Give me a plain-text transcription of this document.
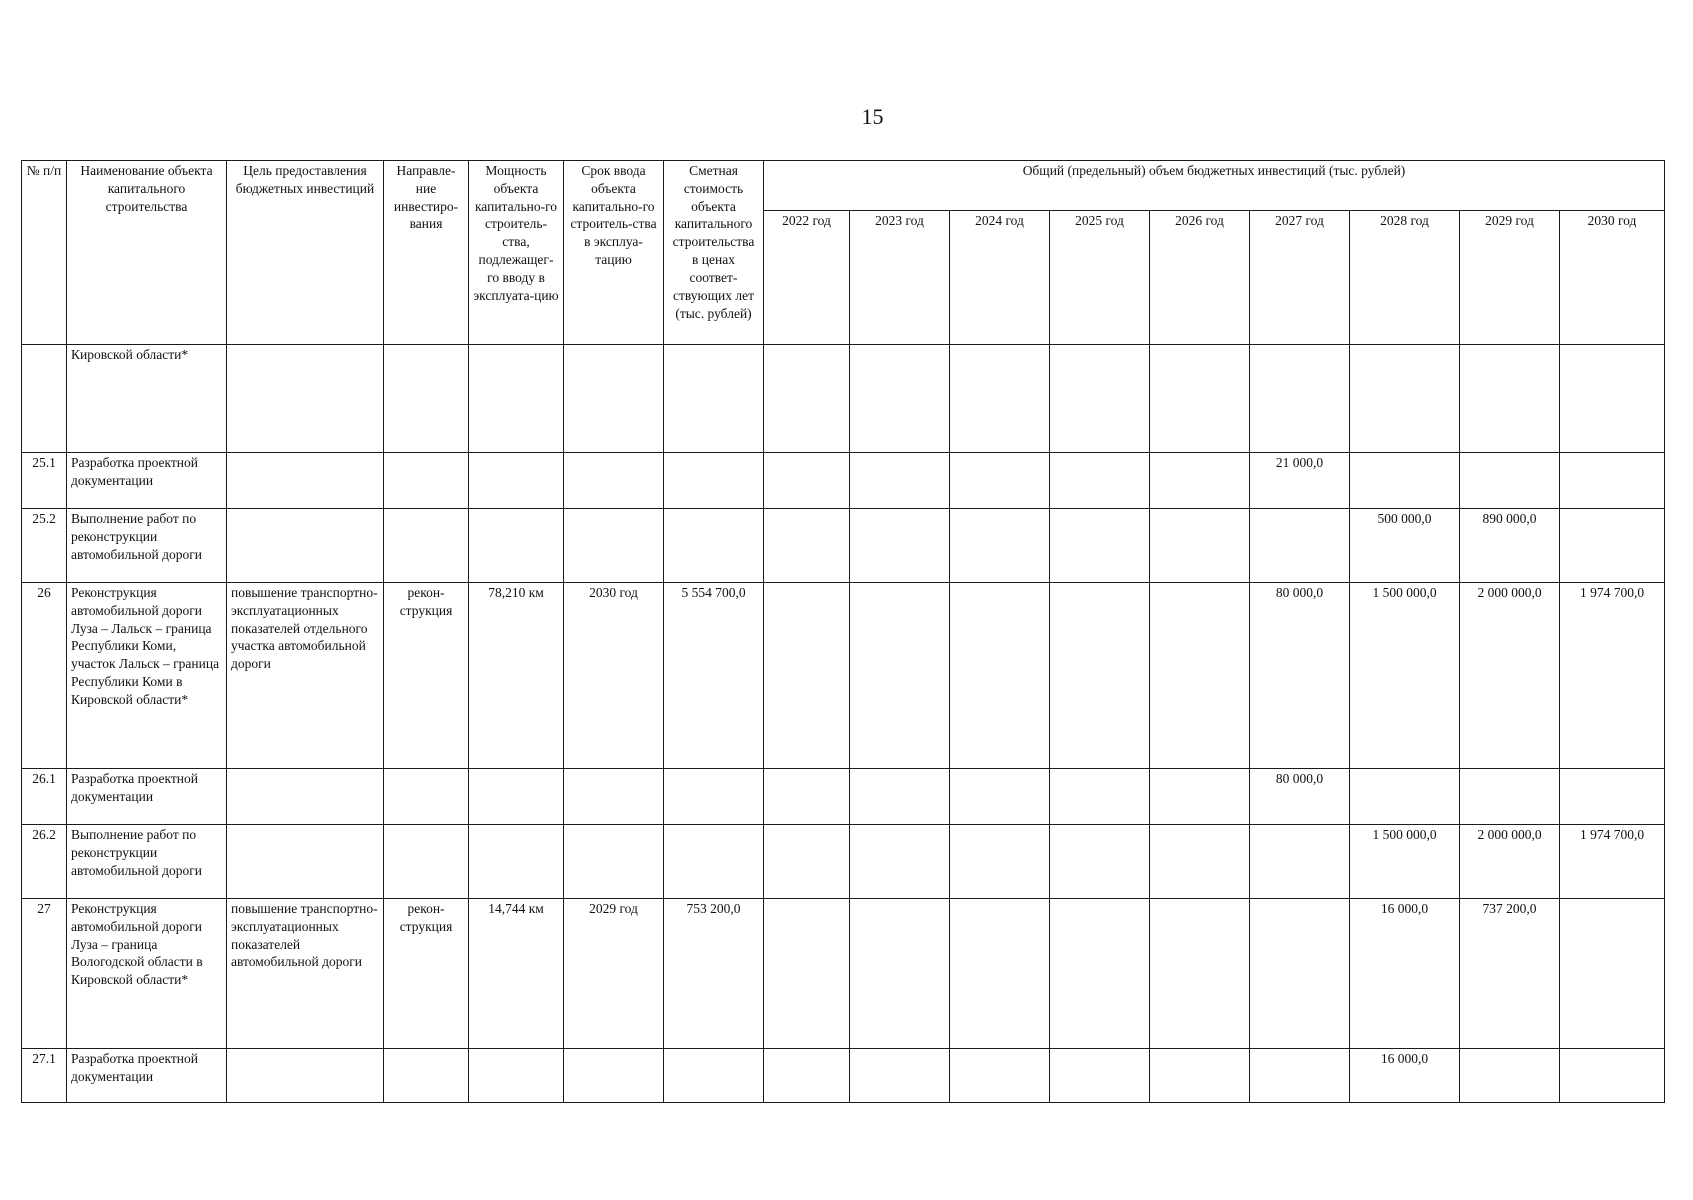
15
№ п/п	Наименование объекта капитального строительства	Цель предоставления бюджетных инвестиций	Направле-ние инвестиро-вания	Мощность объекта капитально-го строитель-ства, подлежащег-го вводу в эксплуата-цию	Срок ввода объекта капитально-го строитель-ства в эксплуа-тацию	Сметная стоимость объекта капитального строительства в ценах соответ-ствующих лет (тыс. рублей)	Общий (предельный) объем бюджетных инвестиций (тыс. рублей)								
							2022 год	2023 год	2024 год	2025 год	2026 год	2027 год	2028 год	2029 год	2030 год
	Кировской области*														
25.1	Разработка проектной документации											21 000,0			
25.2	Выполнение работ по реконструкции автомобильной дороги												500 000,0	890 000,0	
26	Реконструкция автомобильной дороги Луза – Лальск – граница Республики Коми, участок Лальск – граница Республики Коми в Кировской области*	повышение транспортно-эксплуатационных показателей отдельного участка автомобильной дороги	рекон-струкция	78,210 км	2030 год	5 554 700,0						80 000,0	1 500 000,0	2 000 000,0	1 974 700,0
26.1	Разработка проектной документации											80 000,0			
26.2	Выполнение работ по реконструкции автомобильной дороги												1 500 000,0	2 000 000,0	1 974 700,0
27	Реконструкция автомобильной дороги Луза – граница Вологодской области в Кировской области*	повышение транспортно-эксплуатационных показателей автомобильной дороги	рекон-струкция	14,744 км	2029 год	753 200,0							16 000,0	737 200,0	
27.1	Разработка проектной документации												16 000,0		
